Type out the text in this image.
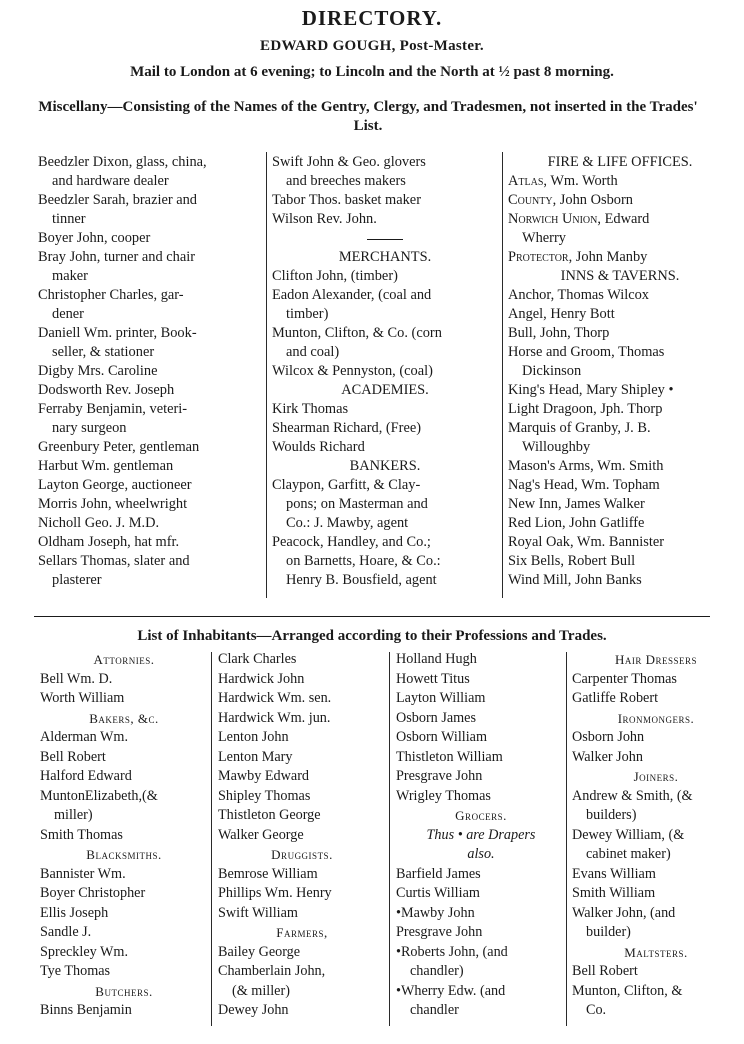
DIRECTORY.
EDWARD GOUGH, Post-Master.
Mail to London at 6 evening; to Lincoln and the North at ½ past 8 morning.
Miscellany—Consisting of the Names of the Gentry, Clergy, and Tradesmen, not inserted in the Trades' List.
Beedzler Dixon, glass, china,
and hardware dealer
Beedzler Sarah, brazier and
tinner
Boyer John, cooper
Bray John, turner and chair
maker
Christopher Charles, gar-
dener
Daniell Wm. printer, Book-
seller, & stationer
Digby Mrs. Caroline
Dodsworth Rev. Joseph
Ferraby Benjamin, veteri-
nary surgeon
Greenbury Peter, gentleman
Harbut Wm. gentleman
Layton George, auctioneer
Morris John, wheelwright
Nicholl Geo. J. M.D.
Oldham Joseph, hat mfr.
Sellars Thomas, slater and
plasterer
Swift John & Geo. glovers
and breeches makers
Tabor Thos. basket maker
Wilson Rev. John.
MERCHANTS.
Clifton John, (timber)
Eadon Alexander, (coal and
timber)
Munton, Clifton, & Co. (corn
and coal)
Wilcox & Pennyston, (coal)
ACADEMIES.
Kirk Thomas
Shearman Richard, (Free)
Woulds Richard
BANKERS.
Claypon, Garfitt, & Clay-
pons; on Masterman and
Co.: J. Mawby, agent
Peacock, Handley, and Co.;
on Barnetts, Hoare, & Co.:
Henry B. Bousfield, agent
FIRE & LIFE OFFICES.
Atlas, Wm. Worth
County, John Osborn
Norwich Union, Edward
Wherry
Protector, John Manby
INNS & TAVERNS.
Anchor, Thomas Wilcox
Angel, Henry Bott
Bull, John, Thorp
Horse and Groom, Thomas
Dickinson
King's Head, Mary Shipley •
Light Dragoon, Jph. Thorp
Marquis of Granby, J. B.
Willoughby
Mason's Arms, Wm. Smith
Nag's Head, Wm. Topham
New Inn, James Walker
Red Lion, John Gatliffe
Royal Oak, Wm. Bannister
Six Bells, Robert Bull
Wind Mill, John Banks
List of Inhabitants—Arranged according to their Professions and Trades.
Attornies.
Bell Wm. D.
Worth William
Bakers, &c.
Alderman Wm.
Bell Robert
Halford Edward
MuntonElizabeth,(&
miller)
Smith Thomas
Blacksmiths.
Bannister Wm.
Boyer Christopher
Ellis Joseph
Sandle J.
Spreckley Wm.
Tye Thomas
Butchers.
Binns Benjamin
Clark Charles
Hardwick John
Hardwick Wm. sen.
Hardwick Wm. jun.
Lenton John
Lenton Mary
Mawby Edward
Shipley Thomas
Thistleton George
Walker George
Druggists.
Bemrose William
Phillips Wm. Henry
Swift William
Farmers,
Bailey George
Chamberlain John,
(& miller)
Dewey John
Holland Hugh
Howett Titus
Layton William
Osborn James
Osborn William
Thistleton William
Presgrave John
Wrigley Thomas
Grocers.
Thus • are Drapers
also.
Barfield James
Curtis William
•Mawby John
Presgrave John
•Roberts John, (and
chandler)
•Wherry Edw. (and
chandler
Hair Dressers
Carpenter Thomas
Gatliffe Robert
Ironmongers.
Osborn John
Walker John
Joiners.
Andrew & Smith, (&
builders)
Dewey William, (&
cabinet maker)
Evans William
Smith William
Walker John, (and
builder)
Maltsters.
Bell Robert
Munton, Clifton, &
Co.
